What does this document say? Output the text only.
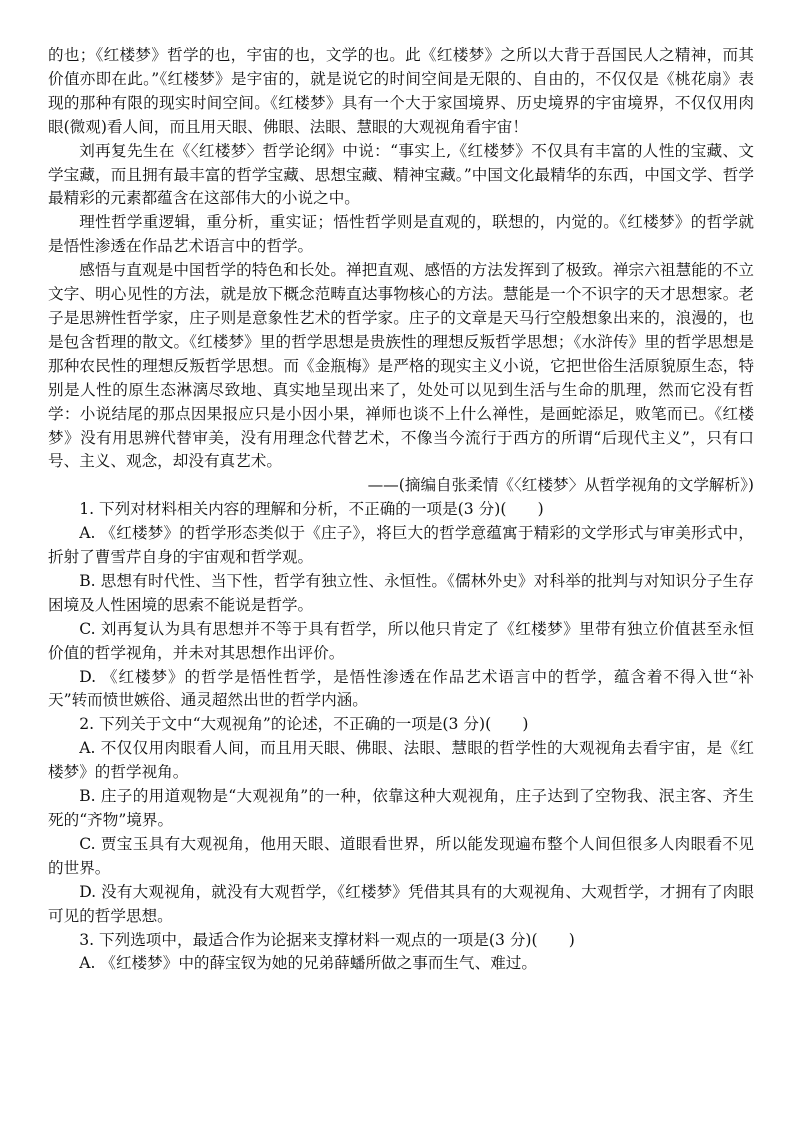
的也；《红楼梦》哲学的也，宇宙的也，文学的也。此《红楼梦》之所以大背于吾国民人之精神，而其价值亦即在此。”《红楼梦》是宇宙的，就是说它的时间空间是无限的、自由的，不仅仅是《桃花扇》表现的那种有限的现实时间空间。《红楼梦》具有一个大于家国境界、历史境界的宇宙境界，不仅仅用肉眼(微观)看人间，而且用天眼、佛眼、法眼、慧眼的大观视角看宇宙！

刘再复先生在《〈红楼梦〉哲学论纲》中说：“事实上,《红楼梦》不仅具有丰富的人性的宝藏、文学宝藏，而且拥有最丰富的哲学宝藏、思想宝藏、精神宝藏。”中国文化最精华的东西，中国文学、哲学最精彩的元素都蕴含在这部伟大的小说之中。

理性哲学重逻辑，重分析，重实证；悟性哲学则是直观的，联想的，内觉的。《红楼梦》的哲学就是悟性渗透在作品艺术语言中的哲学。

感悟与直观是中国哲学的特色和长处。禅把直观、感悟的方法发挥到了极致。禅宗六祖慧能的不立文字、明心见性的方法，就是放下概念范畴直达事物核心的方法。慧能是一个不识字的天才思想家。老子是思辨性哲学家，庄子则是意象性艺术的哲学家。庄子的文章是天马行空般想象出来的，浪漫的，也是包含哲理的散文。《红楼梦》里的哲学思想是贵族性的理想反叛哲学思想；《水浒传》里的哲学思想是那种农民性的理想反叛哲学思想。而《金瓶梅》是严格的现实主义小说，它把世俗生活原貌原生态，特别是人性的原生态淋漓尽致地、真实地呈现出来了，处处可以见到生活与生命的肌理，然而它没有哲学：小说结尾的那点因果报应只是小因小果，禅师也谈不上什么禅性，是画蛇添足，败笔而已。《红楼梦》没有用思辨代替审美，没有用理念代替艺术，不像当今流行于西方的所谓“后现代主义”，只有口号、主义、观念，却没有真艺术。

——(摘编自张柔情《〈红楼梦〉从哲学视角的文学解析》)

1. 下列对材料相关内容的理解和分析，不正确的一项是(3 分)(　　)

A. 《红楼梦》的哲学形态类似于《庄子》，将巨大的哲学意蕴寓于精彩的文学形式与审美形式中，折射了曹雪芹自身的宇宙观和哲学观。

B. 思想有时代性、当下性，哲学有独立性、永恒性。《儒林外史》对科举的批判与对知识分子生存困境及人性困境的思索不能说是哲学。

C. 刘再复认为具有思想并不等于具有哲学，所以他只肯定了《红楼梦》里带有独立价值甚至永恒价值的哲学视角，并未对其思想作出评价。

D. 《红楼梦》的哲学是悟性哲学，是悟性渗透在作品艺术语言中的哲学，蕴含着不得入世“补天”转而愤世嫉俗、通灵超然出世的哲学内涵。

2. 下列关于文中“大观视角”的论述，不正确的一项是(3 分)(　　)

A. 不仅仅用肉眼看人间，而且用天眼、佛眼、法眼、慧眼的哲学性的大观视角去看宇宙，是《红楼梦》的哲学视角。

B. 庄子的用道观物是“大观视角”的一种，依靠这种大观视角，庄子达到了空物我、泯主客、齐生死的“齐物”境界。

C. 贾宝玉具有大观视角，他用天眼、道眼看世界，所以能发现遍布整个人间但很多人肉眼看不见的世界。

D. 没有大观视角，就没有大观哲学，《红楼梦》凭借其具有的大观视角、大观哲学，才拥有了肉眼可见的哲学思想。

3. 下列选项中，最适合作为论据来支撑材料一观点的一项是(3 分)(　　)

A. 《红楼梦》中的薛宝钗为她的兄弟薛蟠所做之事而生气、难过。
